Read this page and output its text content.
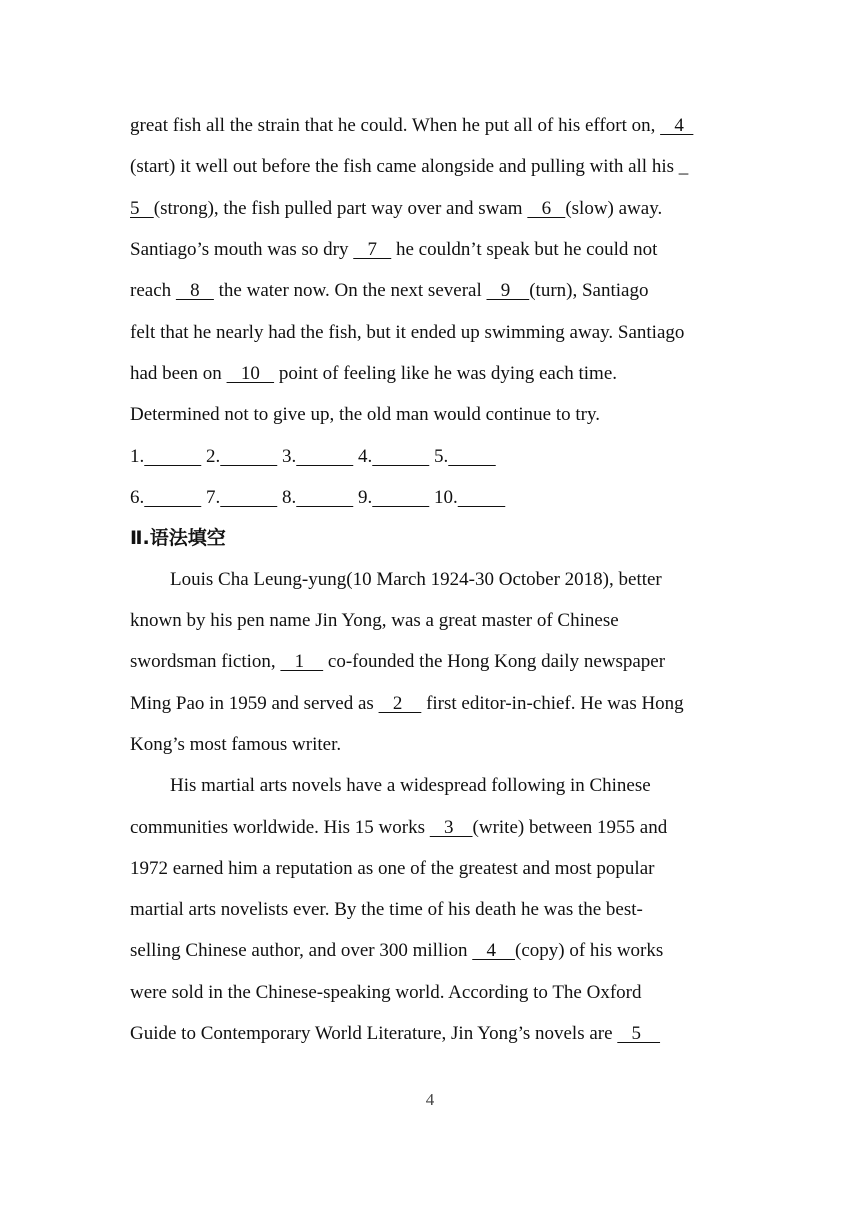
great fish all the strain that he could. When he put all of his effort on,    4
(start) it well out before the fish came alongside and pulling with all his _
5   (strong), the fish pulled part way over and swam    6   (slow) away.
Santiago’s mouth was so dry    7    he couldn’t speak but he could not
reach    8    the water now. On the next several    9    (turn), Santiago
felt that he nearly had the fish, but it ended up swimming away. Santiago
had been on    10    point of feeling like he was dying each time.
Determined not to give up, the old man would continue to try.
1.	2.	3.	4.	5.
6.	7.	8.	9.	10.
Ⅱ.语法填空
Louis Cha Leung-yung(10 March 1924-30 October 2018), better
known by his pen name Jin Yong, was a great master of Chinese
swordsman fiction,    1     co-founded the Hong Kong daily newspaper
Ming Pao in 1959 and served as    2     first editor-in-chief. He was Hong
Kong’s most famous writer.
His martial arts novels have a widespread following in Chinese
communities worldwide. His 15 works    3    (write) between 1955 and
1972 earned him a reputation as one of the greatest and most popular
martial arts novelists ever. By the time of his death he was the best-
selling Chinese author, and over 300 million    4    (copy) of his works
were sold in the Chinese-speaking world. According to The Oxford
Guide to Contemporary World Literature, Jin Yong’s novels are    5
4
